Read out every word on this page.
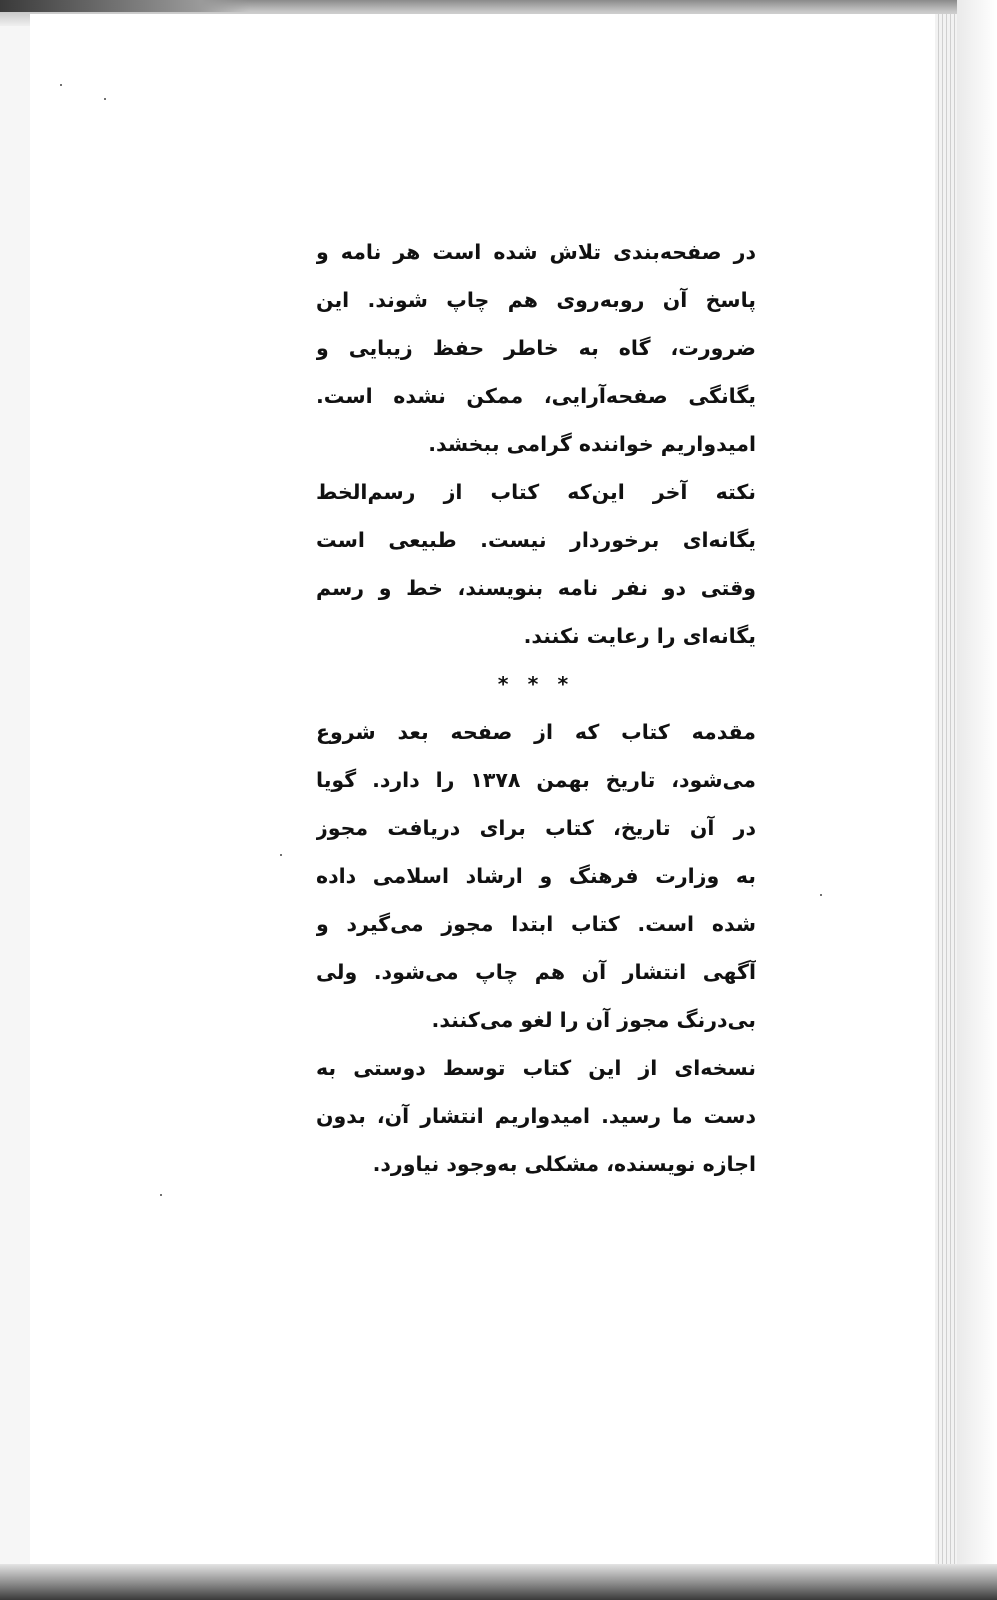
در صفحه‌بندی تلاش شده است هر نامه و
پاسخ آن روبه‌روی هم چاپ شوند. این
ضرورت، گاه به خاطر حفظ زیبایی و
یگانگی صفحه‌آرایی، ممکن نشده است.
امیدواریم خواننده گرامی ببخشد.
نکته آخر این‌که کتاب از رسم‌الخط
یگانه‌ای برخوردار نیست. طبیعی است
وقتی دو نفر نامه بنویسند، خط و رسم
یگانه‌ای را رعایت نکنند.
* * *
مقدمه کتاب که از صفحه بعد شروع
می‌شود، تاریخ بهمن ۱۳۷۸ را دارد. گویا
در آن تاریخ، کتاب برای دریافت مجوز
به وزارت فرهنگ و ارشاد اسلامی داده
شده است. کتاب ابتدا مجوز می‌گیرد و
آگهی انتشار آن هم چاپ می‌شود. ولی
بی‌درنگ مجوز آن را لغو می‌کنند.
نسخه‌ای از این کتاب توسط دوستی به
دست ما رسید. امیدواریم انتشار آن، بدون
اجازه نویسنده، مشکلی به‌وجود نیاورد.
